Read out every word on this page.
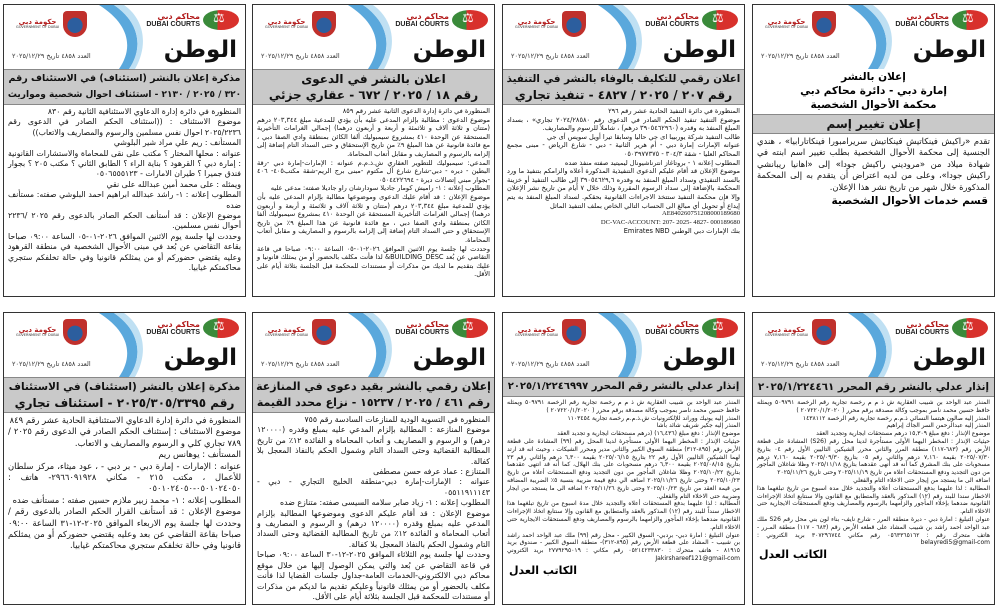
محاكم دبي
DUBAI COURTS
⚖
حكومة دبي
GOVERNMENT OF DUBAI
الوطن
العدد ٤٨٥٨ تاريخ ٢٠٢٥/١٢/٢٩
إعلان بالنشر
إمارة دبي - دائرة محاكم دبي
محكمة الأحوال الشخصية
إعلان تغيير إسم

تقدم «راكيش فينكاتيش فينكاتيش سريرامبورا فينكاتارابيا» ، هندي الجنسية إلى محكمة الأحوال الشخصية بطلب تغيير اسم ابنته في شهادة ميلاد من «مروديني راكيش جودا» إلى «اهانيا ريبانشي راكيش جودا»، وعلى من لديه اعتراض أن يتقدم به إلى المحكمة المذكورة خلال شهر من تاريخ نشر هذا الإعلان.

قسم خدمات الأحوال الشخصية
محاكم دبي
DUBAI COURTS
⚖
حكومة دبي
GOVERNMENT OF DUBAI
الوطن
العدد ٤٨٥٨ تاريخ ٢٠٢٥/١٢/٢٩
اعلان رقمي للتكليف بالوفاء بالنشر في التنفيذ
رقم ٢٠٧ / ٢٠٢٥ / ٤٨٢٧ - تنفيذ تجاري

المنظورة في دائرة التنفيذ الحادية عشر رقم ٢٩٦

موضوع التنفيذ تنفيذ الحكم الصادر في الدعوى رقم ٢٠٢٤/٢٨٥٨٠ تجاري» ، بسداد المبلغ المنفذ به وقدره (٣٩٠٥٤٦٢٩٦٠ درهم) ، شاملاً للرسوم والمصاريف.

طالب التنفيذ شركة يوربيبا اى جي حاليا وسابقا تيرا أويل سويس أى جي

عنوانه الإمارات إمارة دبي - أم هرير الثانية - دبي - شارع الرياض - مبنى مجمع المحاكم العليا - شقة ٣٠٤/٣ - ٠٥٠٣٩٧٧٣٧٥

المطلوب إعلانه ١ - بروتاغاز انترناشيونال ليميتيد صفته منفذ ضده

موضوع الإعلان قد أقام عليكم الدعوى التنفيذية المذكورة أعلاه والزامكم بتنفيذ ما ورد بالسند التنفيذي وسداد المبلغ المنفذ به وقدره ٣٩٠٥٤٦٢٩,٦ إلى طالب التنفيذ أو خزينة المحكمة بالإضافة إلى سداد الرسوم المقررة وذلك خلال ٧ أيام من تاريخ نشر الإعلان وإلا فإن محكمة التنفيذ ستتخذ الاجراءات القانونية بحقكم. لسداد المبلغ المنفذ به يتم إيداع أو تحويل أي مبالغ الى الحساب التالي الخاص بملف التنفيذ الماثل

AE840260751208000189680

DC-VAC-ACCOUNT: 207- 2025- 4827- 000189680

بنك الإمارات دبي الوطني Emirates NBD

محاكم دبي
DUBAI COURTS
⚖
حكومة دبي
GOVERNMENT OF DUBAI
الوطن
العدد ٤٨٥٨ تاريخ ٢٠٢٥/١٢/٢٩
اعلان بالنشر في الدعوى
رقم ١٨ / ٢٠٢٥ / ٦٧٢ - عقاري جزئي

المنظورة في دائرة إدارة الدعوى الثانية عشر رقم ٨٥٩

موضوع الدعوى : مطالبة بإلزام المدعى عليه بأن يؤدي للمدعية مبلغ ٢٠٣,٣٤٤ درهم (متتان و ثلاثة آلاف و ثلاثمئة و أربعة و أربعون درهما) إجمالي الغرامات التأخيرية المستحقة عن الوحدة ٤١٠ بمشروع سيمبوليك ألفا الكائن بمنطقة وادي الصفا دبي ، مع فائدة قانونية عن هذا المبلغ ٩٪ من تاريخ الإستحقاق و حتى السداد التام إضافة إلى إلزامه بالرسوم و المصاريف و مقابل أتعاب المحاماة.

المدعي: سيمبوليك للتطوير العقاري ش.ذ.م.م عنوانه : الإمارات-إمارة دبي -رقة البطين - ديره - دبي-شارع شارع آل مكتوم -مبنى برج الريم-شقة مكتب٤٠٥- ٤٠٦ -بجوار مبني إتصالات ديرة - ٠٥٠٤٤٢٢٦٩٤

المطلوب إعلانه : ١- راميش كومار جاديلا سودارشان راو جاديلا صفته: مدعى عليه

موضوع الإعلان : قد أقام عليك الدعوى وموضوعها مطالبة بإلزام المدعى عليه بأن يؤدي للمدعية مبلغ ٢٠٣,٣٤٤ درهم (متتان و ثلاثة آلاف و ثلاثمئة و أربعة و أربعون درهما) إجمالي الغرامات التأخيرية المستحقة عن الوحدة ٤١٠ بمشروع سيمبوليك ألفا الكائن بمنطقة وادي الصفا دبي ، مع فائدة قانونية عن هذا المبلغ ٩٪ من تاريخ الإستحقاق و حتى السداد التام إضافة إلى إلزامه بالرسوم و المصاريف و مقابل أتعاب المحاماة.

وحددت لها جلسة يوم الاثنين الموافق ٢٠٢٦-٠١-٠٥ الساعة ٠٩:٠٠ صباحا في قاعة التقاضي عن بُعد BUILDING_DESC& لذا فأنت مكلف بالحضور أو من يمثلك قانونيا و عليك بتقديم ما لديك من مذكرات أو مستندات للمحكمة قبل الجلسة بثلاثة أيام على الأقل.

محاكم دبي
DUBAI COURTS
⚖
حكومة دبي
GOVERNMENT OF DUBAI
الوطن
العدد ٤٨٥٨ تاريخ ٢٠٢٥/١٢/٢٩
مذكرة إعلان بالنشر (استئناف) في الاستئناف رقم
٣٢٠ / ٢٠٢٥ / ٢١٣٠ - استئناف احوال شخصية ومواريث

المنظورة في دائرة إدارة الدعاوي الاستئنافية الثانية رقم ٨٣٠

موضوع الاستئناف : ((استئناف الحكم الصادر في الدعوى رقم ٢٠٢٥/٢٢٣٦ احوال نفس مسلمين والرسوم والمصاريف والاتعاب))

المستأنف : ريم علي مراد شير البلوشي

عنوانه : محلها المختار ؟ مكتب على نقى للمحاماة والاستشارات القانونية : إمارة دبي ؟ القرهود ؟ بناية الراء ؟ الطابق الثاني ؟ مكتب ٢٠٥ ؟ بجوار فندق جميرا ؟ طيران الامارات - ٠٥٠٦٥٥٥١٢٣

ويمثله : على محمد أمين عبدالله على نقي

المطلوب إعلانه : ١- راشد عبدالله ابراهيم احمد البلوشي صفته: مستأنف ضده

موضوع الإعلان : قد أستأنف الحكم الصادر بالدعوى رقم ٢٠٢٥ /٢٢٣٦ أحوال نفس مسلمين.

وحددت لها جلسة يوم الاثنين الموافق ٢٠٢٦-٠١-٠٥ الساعة ٠٩:٠٠ صباحا بقاعة التقاضي عن بُعد في مبنى الأحوال الشخصية في منطقة القرهود وعليه يقتضي حضوركم أو من يمثلكم قانونيا وفي حالة تخلفكم ستجري محاكمتكم غيابيا.

محاكم دبي
DUBAI COURTS
⚖
حكومة دبي
GOVERNMENT OF DUBAI
الوطن
العدد ٤٨٥٨ تاريخ ٢٠٢٥/١٢/٢٩
إنذار عدلي بالنشر رقم المحرر ٢٠٢٥/١/٢٢٤٤٦١

المنذر عبد الواحد بن شبيب العقارية ش ذ م م رخصة تجارية رقم الرخصة ٥٠٩٧٩١ ويمثله حافظ حسين محمد ناصر بموجب وكالة مصدقة برقم محرر ( ٢٠٧٢٢٠/١/٢٠٢٠ )

المنذر إليه صالون هيتسا النسائي ذ.م.م رخصة تجارية رقم الرخصة ١٤٣٨١١٢

المنذر إليه عبدالرحمن السر الجاك إبراهيم

موضوع الإنذار : دفع مبلغ ١٥,٣٠٩ درهم مستحقات ايجارية وتجديد العقد

حيثيات الإنذار : المخطر اليهما الأولى مستأجرة لدينا محل رقم (S26) المشادة على قطعة الأرض رقم (٦٨٣-١١٧) منطقة المرر والثاني محرر الشيكين التاليين الأول رقم ٠٤ بتاريخ ٢٠٢٥/٠٧/٣٠ بقيمة ٧,١٦٠ درهم والثاني رقم ٠٥ بتاريخ ٢٠٢٥/٠٩/٣٠ بقيمة ٧,١٦٠ درهم مسحوبات على بنك المشرق كما أنه قد أنهى عقدهما بتاريخ ٢٠٢٥/١١/١٨ وظلا شاغلان المأجور من دون التجديد ودفع المستحقات أعلاه من تاريخ ٢٠٢٥/١١/١٩ وحتى تاريخ ٢٠٢٥/١١/٢٦

اضافه الى ما يستجد من إيجار حتى الاخلاء التام والفعلي

المطالبة : لذا عليهما بدفع المستحقات أعلاه والتجديد خلال مده اسبوع من تاريخ تبلغهما هذا الاخطار سندا للبند رقم (١٢) المذكور بالعقد والمتطابق مع القانون والا سنتابع اتخاذ الإجراءات القانونية ضدهما بإخلاء المأجور والزامهما بالرسوم والمصاريف ودفع المستحقات الايجارية حتى الاخلاء التام.

عنوان التبليغ : امارة دبي - ديرة منطقة المرر - شارع نايف- بناء لون بني محل رقم S26 ملك عبد الواحد احمد راشد بن شبيب المشاد على قطعه الأرض رقم (٦٨٣ - ١١٧) منطقة المـرر - هاتف متحرك رقم : ٠٥٦٣٣٦٥١٦٢ رقم مكاني ٣٠٧٢٩٦٧٤٤ بريد الكتروني : belayredi5@gmail-com

الكاتب العدل
محاكم دبي
DUBAI COURTS
⚖
حكومة دبي
GOVERNMENT OF DUBAI
الوطن
العدد ٤٨٥٨ تاريخ ٢٠٢٥/١٢/٢٩
إنذار عدلي بالنشر رقم المحرر ٢٠٢٥/١/٢٢٤٦٩٩٧

المنذر عبد الواحد بن شبيب العقارية ش ذ م م رخصة تجارية رقم الرخصة ٥٠٩٧٩١ ويمثله حافظ حسين محمد ناصر بموجب وكالة مصدقة برقم محرر ( ٢٠٧٢٢٠/١/٢٠٢٠ )

المنذر إليه يونيك ووراند للإلكترونيات ش.ذ.م.م رخصة تجارية ١١٠٣٤٥٤

المنذر إليه جكير شريف شائد باشا

موضوع الإنذار : دفع مبلغ (١٦,٤٣٦) (درهم مستحقات ايجارية و تجديد العقد

حيثيات الإنذار : المخطر اليهما الأولى مستأجرة لدينا المحل رقم (٩٩) المشادة على قطعة الأرض رقم (٨٩٥-٣١٢) منطقة السوق الكبير والثاني مدير ومحرر الشيكات ، وحيث انه قد ارتد لهما الشيكين التاليين الأول رقم ٢٢ بتاريخ ٢٠٢٥/٠٦/١٥ بقيمة ٦,٣٠٠ درهم والثاني رقم ٢٣ بتاريخ ٢٠٢٥/٠٨/١٥ بقيمة ٦,٣٠٠ درهم مسحوبات على بنك الهلال، كما أنه قد انتهى عقدهما بتاريخ ٢٠٢٥/١٠/٢٢ وظلا شاغلان المأجور من دون التجديد ودفع المستحقات أعلاه من تاريخ ٢٠٢٥/١٠/٢٣ وحتى تاريخ ٢٠٢٥/١١/٢٦ اضافه الي دفع قيمة ضريبة بنسبة ٥٪ الضريبة المضافه من قيمة العقد من تاريخ ٢٠٢٥/١٠/٢٣ وحتى تاريخ ٢٠٢٥/١١/٢٦ اضافه الى ما يستجد من ايجار وضريبة حتى الاخلاء التام والفعلي.

المطالبة : لذا عليهما بدفع المستحقات أعلاه والتجديد خلال مدة اسبوع من تاريخ تبلغهما هذا الاخطار سنداً للبند رقم (١٢) المذكور بالعقد والمتطابق مع القانون وإلا سنتابع اتخاذ الإجراءات القانونية ضدهما بإخلاء المأجور والزامهما بالرسوم والمصاريف ودفع المستحقات الايجارية حتى الاخلاء التام.

عنوان التبليغ : امارة دبي- بردبي- السوق الكبير - محل رقم (٩٩) ملك عبد الواحد احمد راشد بن شبيب - المشاد على قطعة الأرض رقم (٨٩٥-٣١٢)- منطقة السوق الكبير - صندوق بريد ٨١٩١٥ - هاتف متحرك : ٠٥٢١٤٢٣٣٨٣٠ رقم مكاني : ٢٧٧٩٢٩٥٠١٩ بريد الكتروني Jakirshareef121@gmail-com

الكاتب العدل
محاكم دبي
DUBAI COURTS
⚖
حكومة دبي
GOVERNMENT OF DUBAI
الوطن
العدد ٤٨٥٨ تاريخ ٢٠٢٥/١٢/٢٩
إعلان رقمي بالنشر بقيد دعوى في المنازعة
رقم ٤٦١ / ٢٠٢٥ / ١٥٢٣٧ - نزاع محدد القيمة

المنظورة في التسوية الودية للمنازعات السادسة رقم ٧٥٥

موضوع المنازعة : المطالبة بإلزام المدعي عليه بمبلغ وقدره (١٢٠٠٠٠ درهم) و الرسوم و المصاريف و أتعاب المحاماة و الفائدة ١٢٪ من تاريخ المطالبة القضائية وحتى السداد التام وشمول الحكم بالنفاذ المعجل بلا كفالة.

المتنازع : عماد عرفه حسن مصطفى

عنوانه : الإمارات-إمارة دبي-منطقة الخليج التجاري - دبي - ٠٥٥١١٩١١١٤٣

المطلوب إعلانه : ١- زياد صابر سلامه السيسى صفته: متنازع ضده

موضوع الإعلان : قد أقام عليكم الدعوى وموضوعها المطالبة بإلزام المدعي عليه بمبلغ وقدره (١٢٠٠٠٠ درهم) و الرسوم و المصاريف و أتعاب المحاماة و الفائدة ١٢٪ من تاريخ المطالبة القضائية وحتى السداد التام وشمول الحكم بالنفاذ المعجل بلا كفالة.

وحددت لها جلسة يوم الثلاثاء الموافق ٢٠٢٥-١٢-٣٠ الساعة ٠٩:٠٠ صباحا في قاعة التقاضي عن بُعد والتي يمكن الوصول إليها من خلال موقع محاكم دبي الالكتروني-الخدمات العامة-جداول جلسات القضايا لذا فأنت مكلف بالحضور أو من يمثلك قانونياً وعليكم تقديم ما لديكم من مذكرات أو مستندات للمحكمة قبل الجلسة بثلاثة أيام على الأقل.

محاكم دبي
DUBAI COURTS
⚖
حكومة دبي
GOVERNMENT OF DUBAI
الوطن
العدد ٤٨٥٨ تاريخ ٢٠٢٥/١٢/٢٩
مذكرة إعلان بالنشر (استئناف) في الاستئناف
رقم ٢٠٢٥/٣٠٥/٣٣٩٥ - استئناف تجاري

المنظورة في دائرة إدارة الدعاوي الاستئنافية الحادية عشر رقم ٨٤٩

موضوع الاستئناف : إستئناف الحكم الصادر في الدعوى رقم ٢٠٢٥ / ٧٨٩ تجاري كلي و الرسوم والمصاريف و الاتعاب.

المستأنف : يوهانس ريم

عنوانه : الإمارات - إمارة دبي - بر دبي - ، عود ميثاء، مركز سلطان للأعمال ، مكتب ٢١٥ - مكاني ٢٩٦٦٠٩١٩٢٨- هاتف : ٠٥٠١٠٢٤٠٥٠-٠٥٠١٠٢٤٠٥٠

المطلوب إعلانه : ١- محمد زبير ملازم حسين صفته : مستأنف ضده

موضوع الإعلان : قد أستأنف القرار الحكم الصادر بالدعوى رقم / وحددت لها جلسة يوم الاربعاء الموافق ٢٠٢٥-١٢-٣١ الساعة ٠٩:٠٠ صباحا بقاعة التقاضي عن بعد وعليه يقتضي حضوركم أو من يمثلكم قانونيا وفي حالة تخلفكم ستجري محاكمتكم غيابيا.
